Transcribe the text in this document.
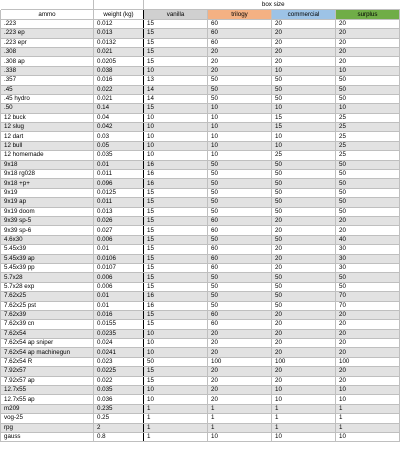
		box size			
ammo	weight (kg)	vanilla	trilogy	commercial	surplus
.223	0.012	15	60	20	20
.223 ep	0.013	15	60	20	20
.223 epr	0.0132	15	60	20	20
.308	0.021	15	20	20	20
.308 ap	0.0205	15	20	20	20
.338	0.038	10	20	10	10
.357	0.016	13	50	50	50
.45	0.022	14	50	50	50
.45 hydro	0.021	14	50	50	50
.50	0.14	15	10	10	10
12 buck	0.04	10	10	15	25
12 slug	0.042	10	10	15	25
12 dart	0.03	10	10	10	25
12 bull	0.05	10	10	10	25
12 homemade	0.035	10	10	25	25
9x18	0.01	16	50	50	50
9x18 rg028	0.011	16	50	50	50
9x18 +p+	0.096	16	50	50	50
9x19	0.0125	15	50	50	50
9x19 ap	0.011	15	50	50	50
9x19 doom	0.013	15	50	50	50
9x39 sp-5	0.026	15	60	20	20
9x39 sp-6	0.027	15	60	20	20
4.6x30	0.006	15	50	50	40
5.45x39	0.01	15	60	20	30
5.45x39 ap	0.0106	15	60	20	30
5.45x39 pp	0.0107	15	60	20	30
5.7x28	0.006	15	50	50	50
5.7x28 exp	0.006	15	50	50	50
7.62x25	0.01	16	50	50	70
7.62x25 pst	0.01	16	50	50	70
7.62x39	0.016	15	60	20	20
7.62x39 cn	0.0155	15	60	20	20
7.62x54	0.0235	10	20	20	20
7.62x54 ap sniper	0.024	10	20	20	20
7.62x54 ap machinegun	0.0241	10	20	20	20
7.62x54 R	0.023	50	100	100	100
7.92x57	0.0225	15	20	20	20
7.92x57 ap	0.022	15	20	20	20
12.7x55	0.035	10	20	10	10
12.7x55 ap	0.036	10	20	10	10
m209	0.235	1	1	1	1
vog-25	0.25	1	1	1	1
rpg	2	1	1	1	1
gauss	0.8	1	10	10	10
